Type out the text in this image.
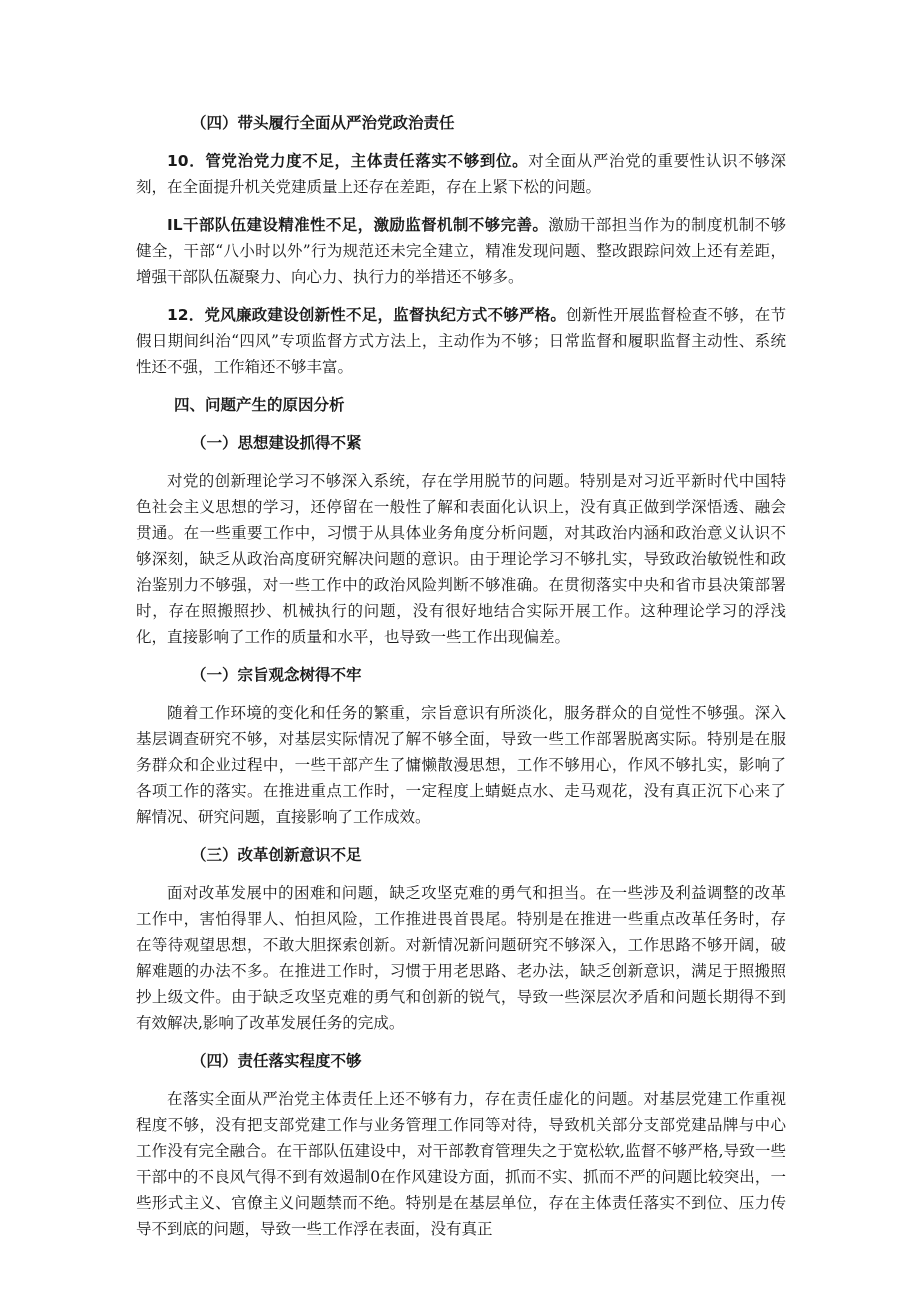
（四）带头履行全面从严治党政治责任
10．管党治党力度不足，主体责任落实不够到位。对全面从严治党的重要性认识不够深刻，在全面提升机关党建质量上还存在差距，存在上紧下松的问题。
IL干部队伍建设精准性不足，激励监督机制不够完善。激励干部担当作为的制度机制不够健全，干部“八小时以外”行为规范还未完全建立，精准发现问题、整改跟踪问效上还有差距，增强干部队伍凝聚力、向心力、执行力的举措还不够多。
12．党风廉政建设创新性不足，监督执纪方式不够严格。创新性开展监督检查不够，在节假日期间纠治“四风”专项监督方式方法上，主动作为不够；日常监督和履职监督主动性、系统性还不强，工作箱还不够丰富。
四、问题产生的原因分析
（一）思想建设抓得不紧
对党的创新理论学习不够深入系统，存在学用脱节的问题。特别是对习近平新时代中国特色社会主义思想的学习，还停留在一般性了解和表面化认识上，没有真正做到学深悟透、融会贯通。在一些重要工作中，习惯于从具体业务角度分析问题，对其政治内涵和政治意义认识不够深刻，缺乏从政治高度研究解决问题的意识。由于理论学习不够扎实，导致政治敏锐性和政治鉴别力不够强，对一些工作中的政治风险判断不够准确。在贯彻落实中央和省市县决策部署时，存在照搬照抄、机械执行的问题，没有很好地结合实际开展工作。这种理论学习的浮浅化，直接影响了工作的质量和水平，也导致一些工作出现偏差。
（一）宗旨观念树得不牢
随着工作环境的变化和任务的繁重，宗旨意识有所淡化，服务群众的自觉性不够强。深入基层调查研究不够，对基层实际情况了解不够全面，导致一些工作部署脱离实际。特别是在服务群众和企业过程中，一些干部产生了慵懒散漫思想，工作不够用心，作风不够扎实，影响了各项工作的落实。在推进重点工作时，一定程度上蜻蜓点水、走马观花，没有真正沉下心来了解情况、研究问题，直接影响了工作成效。
（三）改革创新意识不足
面对改革发展中的困难和问题，缺乏攻坚克难的勇气和担当。在一些涉及利益调整的改革工作中，害怕得罪人、怕担风险，工作推进畏首畏尾。特别是在推进一些重点改革任务时，存在等待观望思想，不敢大胆探索创新。对新情况新问题研究不够深入，工作思路不够开阔，破解难题的办法不多。在推进工作时，习惯于用老思路、老办法，缺乏创新意识，满足于照搬照抄上级文件。由于缺乏攻坚克难的勇气和创新的锐气，导致一些深层次矛盾和问题长期得不到有效解决,影响了改革发展任务的完成。
（四）责任落实程度不够
在落实全面从严治党主体责任上还不够有力，存在责任虚化的问题。对基层党建工作重视程度不够，没有把支部党建工作与业务管理工作同等对待，导致机关部分支部党建品牌与中心工作没有完全融合。在干部队伍建设中，对干部教育管理失之于宽松软,监督不够严格,导致一些干部中的不良风气得不到有效遏制0在作风建设方面，抓而不实、抓而不严的问题比较突出，一些形式主义、官僚主义问题禁而不绝。特别是在基层单位，存在主体责任落实不到位、压力传导不到底的问题，导致一些工作浮在表面，没有真正
